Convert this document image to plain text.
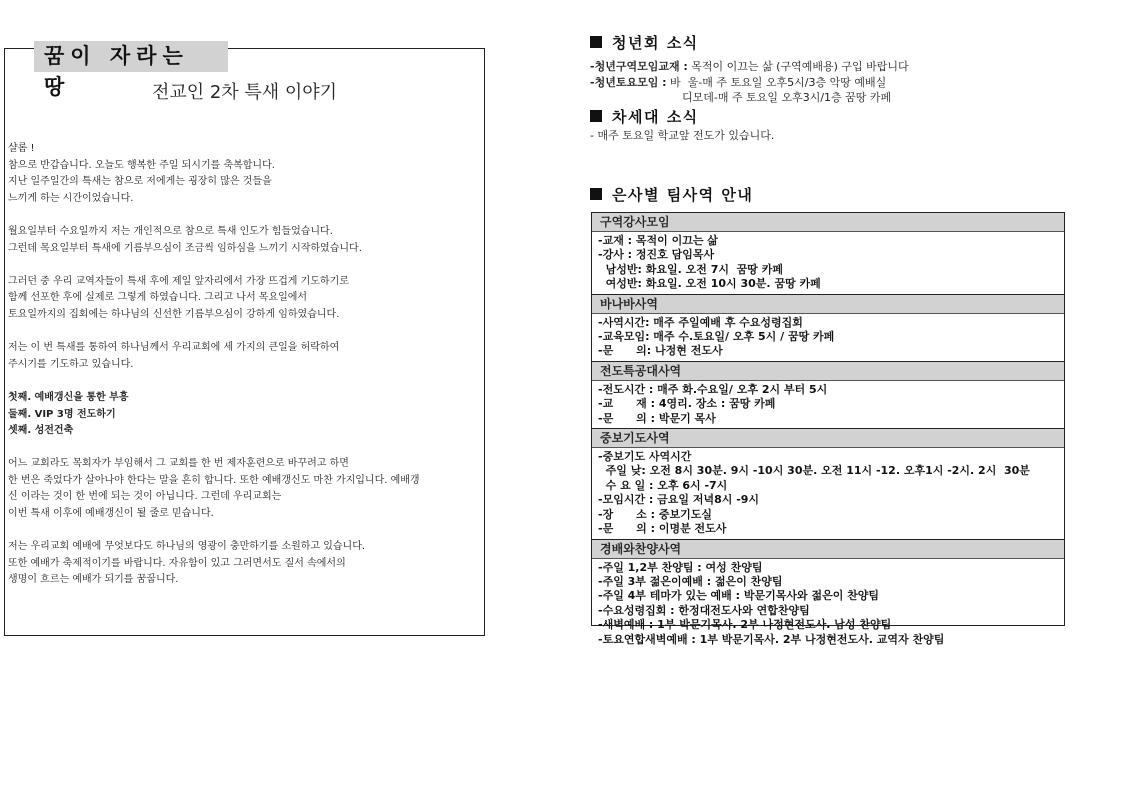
꿈이 자라는 땅	전교인 2차 특새 이야기

샬롬 !

참으로 반갑습니다. 오늘도 행복한 주일 되시기를 축복합니다.

지난 일주일간의 특새는 참으로 저에게는 굉장히 많은 것들을

느끼게 하는 시간이었습니다.

월요일부터 수요일까지 저는 개인적으로 참으로 특새 인도가 힘들었습니다.

그런데 목요일부터 특새에 기름부으심이 조금씩 임하심을 느끼기 시작하였습니다.

그러던 중 우리 교역자들이 특새 후에 제일 앞자리에서 가장 뜨겁게 기도하기로

함께 선포한 후에 실제로 그렇게 하였습니다. 그리고 나서 목요일에서

토요일까지의 집회에는 하나님의 신선한 기름부으심이 강하게 임하였습니다.

저는 이 번 특새를 통하여 하나님께서 우리교회에 세 가지의 큰일을 허락하여

주시기를 기도하고 있습니다.

첫째. 예배갱신을 통한 부흥

둘째. VIP 3명 전도하기

셋째. 성전건축

어느 교회라도 목회자가 부임해서 그 교회를 한 번 제자훈련으로 바꾸려고 하면

한 번은 죽었다가 살아나야 한다는 말을 흔히 합니다. 또한 예배갱신도 마찬 가지입니다. 예배갱

신 이라는 것이 한 번에 되는 것이 아닙니다. 그런데 우리교회는

이번 특새 이후에 예배갱신이 될 줄로 믿습니다.

저는 우리교회 예배에 무엇보다도 하나님의 영광이 충만하기를 소원하고 있습니다.

또한 예배가 축제적이기를 바랍니다. 자유함이 있고 그러면서도 질서 속에서의

생명이 흐르는 예배가 되기를 꿈꿉니다.

청년회 소식
-청년구역모임교재 : 목적이 이끄는 삶 (구역예배용) 구입 바랍니다
-청년토요모임 : 바  울-매 주 토요일 오후5시/3층 악땅 예배실
디모데-매 주 토요일 오후3시/1층 꿈땅 카페
차세대 소식
- 매주 토요일 학교앞 전도가 있습니다.
은사별 팀사역 안내
구역강사모임
-교재 : 목적이 이끄는 삶
-강사 : 정진호 담임목사
남성반: 화요일. 오전 7시  꿈땅 카페
여성반: 화요일. 오전 10시 30분. 꿈땅 카페
바나바사역
-사역시간: 매주 주일예배 후 수요성령집회
-교육모임: 매주 수.토요일/ 오후 5시 / 꿈땅 카페
-문      의: 나정현 전도사
전도특공대사역
-전도시간 : 매주 화.수요일/ 오후 2시 부터 5시
-교      재 : 4영리. 장소 : 꿈땅 카페
-문      의 : 박문기 목사
중보기도사역
-중보기도 사역시간
주일 낮: 오전 8시 30분. 9시 -10시 30분. 오전 11시 -12. 오후1시 -2시. 2시  30분
수 요 일 : 오후 6시 -7시
-모임시간 : 금요일 저녁8시 -9시
-장      소 : 중보기도실
-문      의 : 이명분 전도사
경배와찬양사역
-주일 1,2부 찬양팀 : 여성 찬양팀
-주일 3부 젊은이예배 : 젊은이 찬양팀
-주일 4부 테마가 있는 예배 : 박문기목사와 젊은이 찬양팀
-수요성령집회 : 한정대전도사와 연합찬양팀
-새벽예배 : 1부 박문기목사. 2부 나정현전도사. 남성 찬양팀
-토요연합새벽예배 : 1부 박문기목사. 2부 나정현전도사. 교역자 찬양팀
